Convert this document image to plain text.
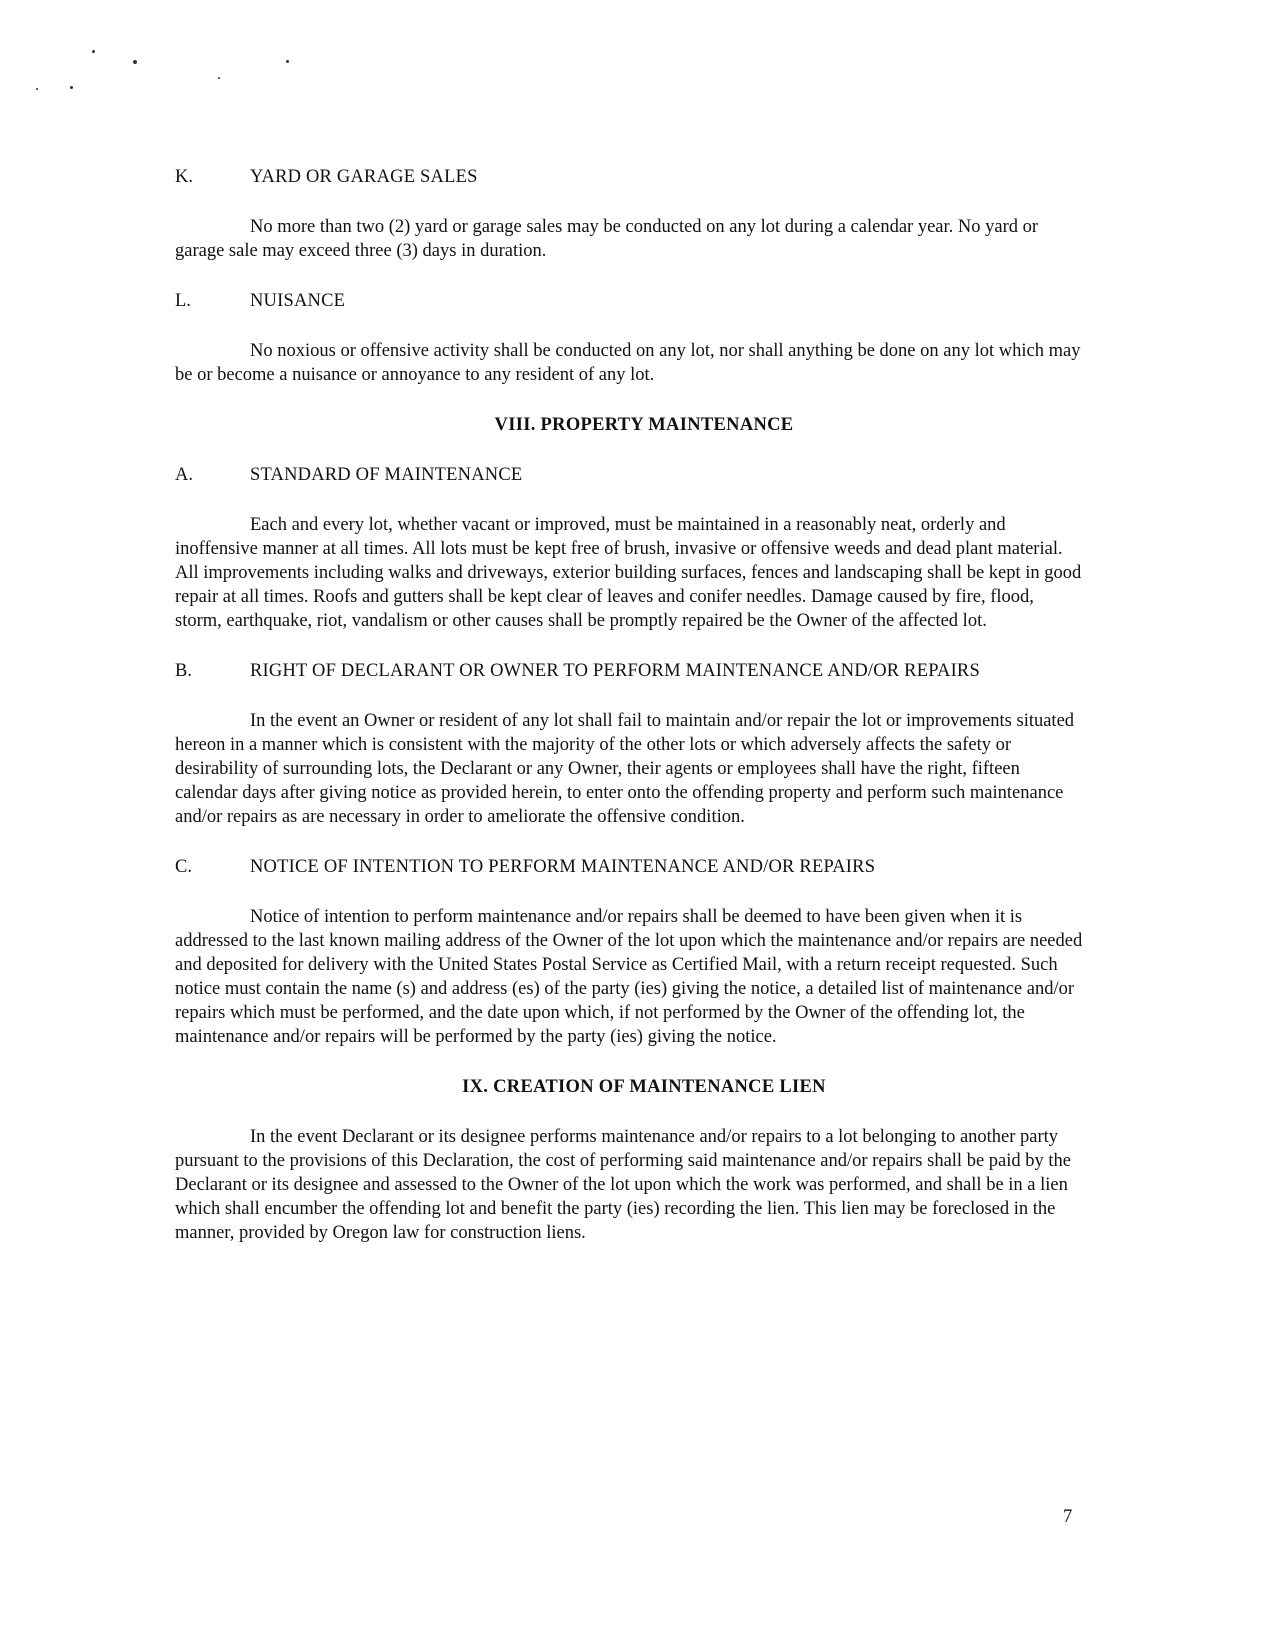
K.	YARD OR GARAGE SALES

No more than two (2) yard or garage sales may be conducted on any lot during a calendar year. No yard or garage sale may exceed three (3) days in duration.

L.	NUISANCE

No noxious or offensive activity shall be conducted on any lot, nor shall anything be done on any lot which may be or become a nuisance or annoyance to any resident of any lot.

VIII. PROPERTY MAINTENANCE
A.	STANDARD OF MAINTENANCE

Each and every lot, whether vacant or improved, must be maintained in a reasonably neat, orderly and inoffensive manner at all times. All lots must be kept free of brush, invasive or offensive weeds and dead plant material. All improvements including walks and driveways, exterior building surfaces, fences and landscaping shall be kept in good repair at all times. Roofs and gutters shall be kept clear of leaves and conifer needles. Damage caused by fire, flood, storm, earthquake, riot, vandalism or other causes shall be promptly repaired be the Owner of the affected lot.

B.	RIGHT OF DECLARANT OR OWNER TO PERFORM MAINTENANCE AND/OR REPAIRS

In the event an Owner or resident of any lot shall fail to maintain and/or repair the lot or improvements situated hereon in a manner which is consistent with the majority of the other lots or which adversely affects the safety or desirability of surrounding lots, the Declarant or any Owner, their agents or employees shall have the right, fifteen calendar days after giving notice as provided herein, to enter onto the offending property and perform such maintenance and/or repairs as are necessary in order to ameliorate the offensive condition.

C.	NOTICE OF INTENTION TO PERFORM MAINTENANCE AND/OR REPAIRS

Notice of intention to perform maintenance and/or repairs shall be deemed to have been given when it is addressed to the last known mailing address of the Owner of the lot upon which the maintenance and/or repairs are needed and deposited for delivery with the United States Postal Service as Certified Mail, with a return receipt requested. Such notice must contain the name (s) and address (es) of the party (ies) giving the notice, a detailed list of maintenance and/or repairs which must be performed, and the date upon which, if not performed by the Owner of the offending lot, the maintenance and/or repairs will be performed by the party (ies) giving the notice.

IX. CREATION OF MAINTENANCE LIEN

In the event Declarant or its designee performs maintenance and/or repairs to a lot belonging to another party pursuant to the provisions of this Declaration, the cost of performing said maintenance and/or repairs shall be paid by the Declarant or its designee and assessed to the Owner of the lot upon which the work was performed, and shall be in a lien which shall encumber the offending lot and benefit the party (ies) recording the lien. This lien may be foreclosed in the manner, provided by Oregon law for construction liens.

7
